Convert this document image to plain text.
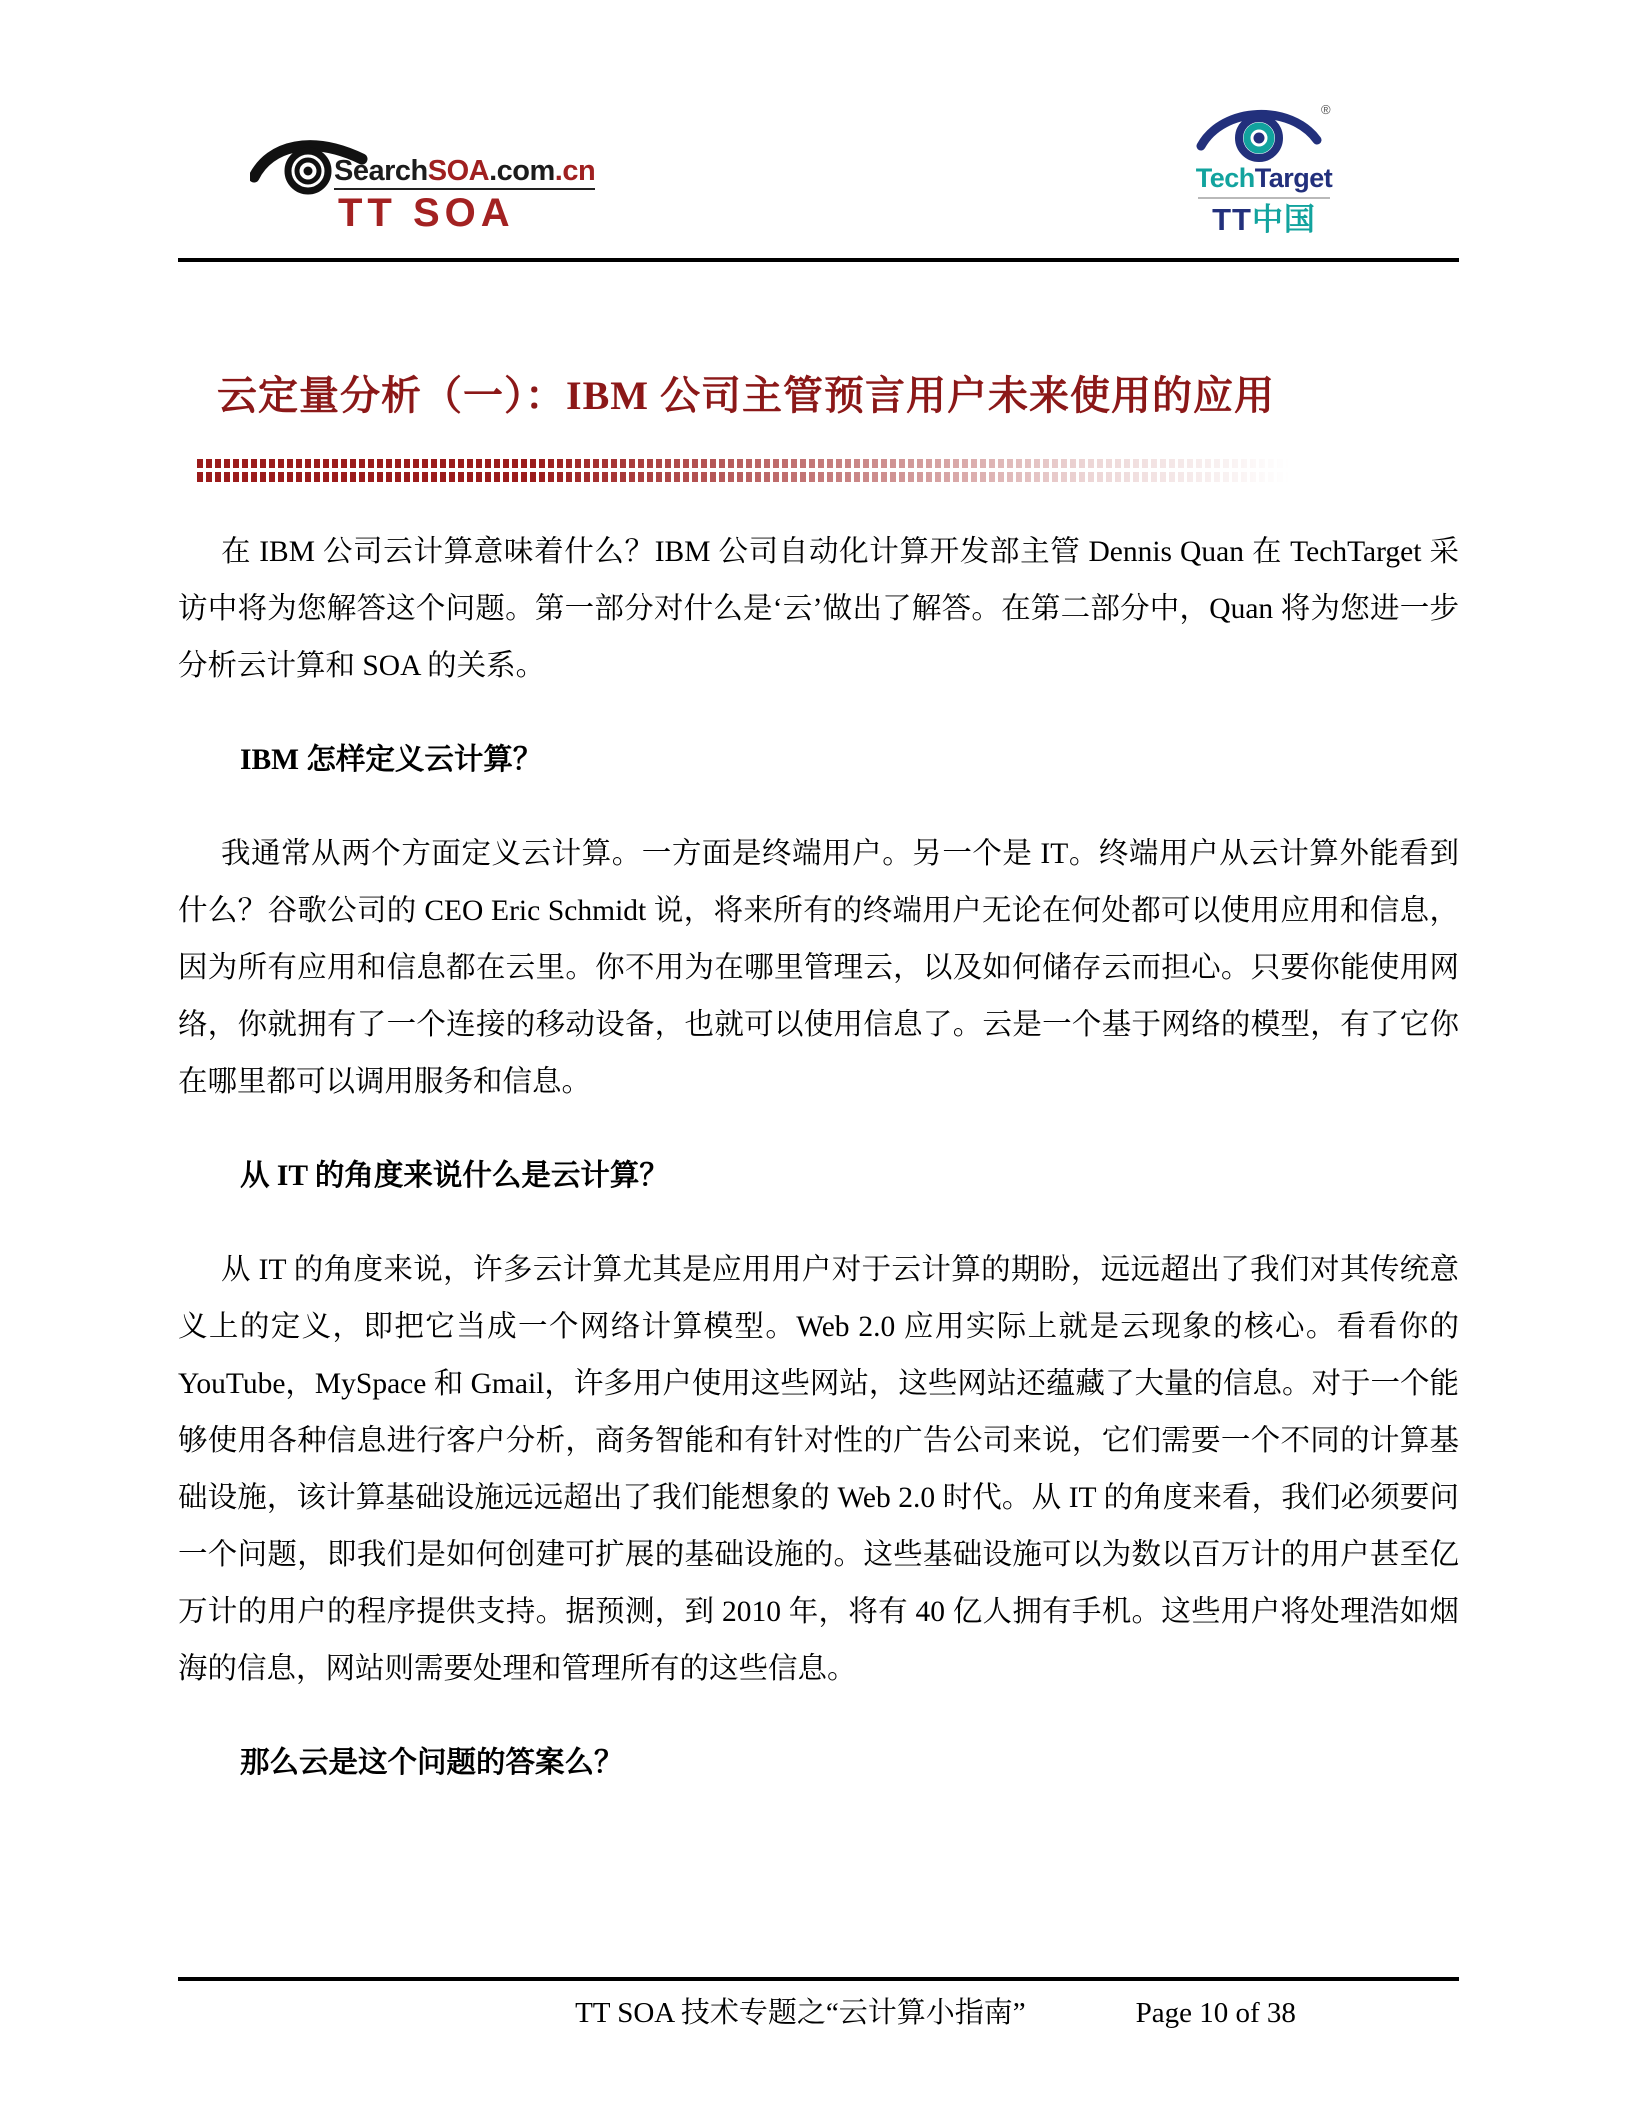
SearchSOA.com.cn
TT SOA
®
TechTarget
TT中国
云定量分析（一）：IBM 公司主管预言用户未来使用的应用

在 IBM 公司云计算意味着什么？IBM 公司自动化计算开发部主管 Dennis Quan 在 TechTarget 采访中将为您解答这个问题。第一部分对什么是‘云’做出了解答。在第二部分中，Quan 将为您进一步分析云计算和 SOA 的关系。

IBM 怎样定义云计算？

我通常从两个方面定义云计算。一方面是终端用户。另一个是 IT。终端用户从云计算外能看到什么？谷歌公司的 CEO Eric Schmidt 说，将来所有的终端用户无论在何处都可以使用应用和信息，因为所有应用和信息都在云里。你不用为在哪里管理云，以及如何储存云而担心。只要你能使用网络，你就拥有了一个连接的移动设备，也就可以使用信息了。云是一个基于网络的模型，有了它你在哪里都可以调用服务和信息。

从 IT 的角度来说什么是云计算？

从 IT 的角度来说，许多云计算尤其是应用用户对于云计算的期盼，远远超出了我们对其传统意义上的定义，即把它当成一个网络计算模型。Web 2.0 应用实际上就是云现象的核心。看看你的 YouTube，MySpace 和 Gmail，许多用户使用这些网站，这些网站还蕴藏了大量的信息。对于一个能够使用各种信息进行客户分析，商务智能和有针对性的广告公司来说，它们需要一个不同的计算基础设施，该计算基础设施远远超出了我们能想象的 Web 2.0 时代。从 IT 的角度来看，我们必须要问一个问题，即我们是如何创建可扩展的基础设施的。这些基础设施可以为数以百万计的用户甚至亿万计的用户的程序提供支持。据预测，到 2010 年，将有 40 亿人拥有手机。这些用户将处理浩如烟海的信息，网站则需要处理和管理所有的这些信息。

那么云是这个问题的答案么？

TT SOA 技术专题之“云计算小指南”	Page 10 of 38
